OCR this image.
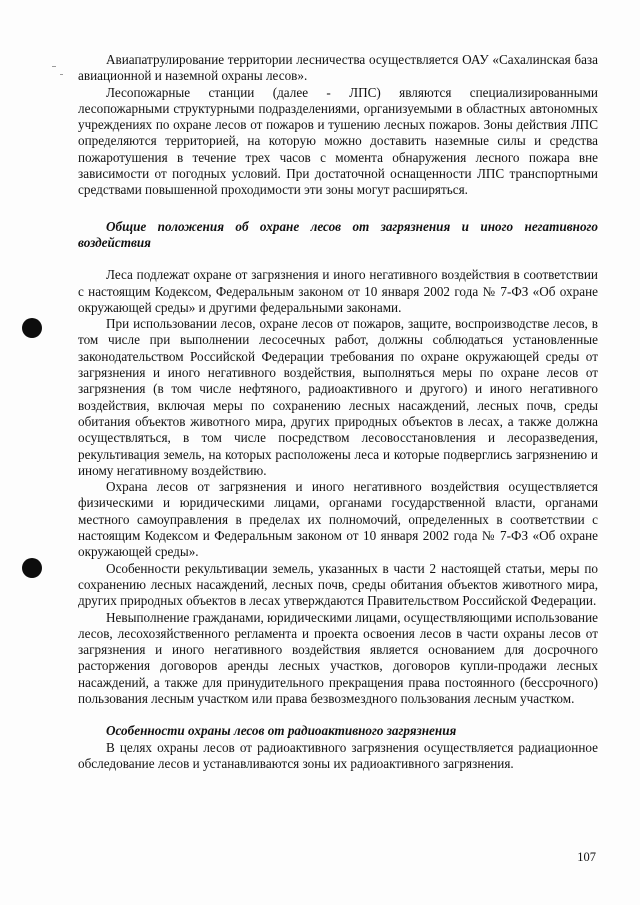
Авиапатрулирование территории лесничества осуществляется ОАУ «Сахалинская база авиационной и наземной охраны лесов».

Лесопожарные станции (далее - ЛПС) являются специализированными лесопожарными структурными подразделениями, организуемыми в областных автономных учреждениях по охране лесов от пожаров и тушению лесных пожаров. Зоны действия ЛПС определяются территорией, на которую можно доставить наземные силы и средства пожаротушения в течение трех часов с момента обнаружения лесного пожара вне зависимости от погодных условий. При достаточной оснащенности ЛПС транспортными средствами повышенной проходимости эти зоны могут расширяться.

Общие положения об охране лесов от загрязнения и иного негативного воздействия

Леса подлежат охране от загрязнения и иного негативного воздействия в соответствии с настоящим Кодексом, Федеральным законом от 10 января 2002 года № 7-ФЗ «Об охране окружающей среды» и другими федеральными законами.

При использовании лесов, охране лесов от пожаров, защите, воспроизводстве лесов, в том числе при выполнении лесосечных работ, должны соблюдаться установленные законодательством Российской Федерации требования по охране окружающей среды от загрязнения и иного негативного воздействия, выполняться меры по охране лесов от загрязнения (в том числе нефтяного, радиоактивного и другого) и иного негативного воздействия, включая меры по сохранению лесных насаждений, лесных почв, среды обитания объектов животного мира, других природных объектов в лесах, а также должна осуществляться, в том числе посредством лесовосстановления и лесоразведения, рекультивация земель, на которых расположены леса и которые подверглись загрязнению и иному негативному воздействию.

Охрана лесов от загрязнения и иного негативного воздействия осуществляется физическими и юридическими лицами, органами государственной власти, органами местного самоуправления в пределах их полномочий, определенных в соответствии с настоящим Кодексом и Федеральным законом от 10 января 2002 года № 7-ФЗ «Об охране окружающей среды».

Особенности рекультивации земель, указанных в части 2 настоящей статьи, меры по сохранению лесных насаждений, лесных почв, среды обитания объектов животного мира, других природных объектов в лесах утверждаются Правительством Российской Федерации.

Невыполнение гражданами, юридическими лицами, осуществляющими использование лесов, лесохозяйственного регламента и проекта освоения лесов в части охраны лесов от загрязнения и иного негативного воздействия является основанием для досрочного расторжения договоров аренды лесных участков, договоров купли-продажи лесных насаждений, а также для принудительного прекращения права постоянного (бессрочного) пользования лесным участком или права безвозмездного пользования лесным участком.

Особенности охраны лесов от радиоактивного загрязнения

В целях охраны лесов от радиоактивного загрязнения осуществляется радиационное обследование лесов и устанавливаются зоны их радиоактивного загрязнения.

107
